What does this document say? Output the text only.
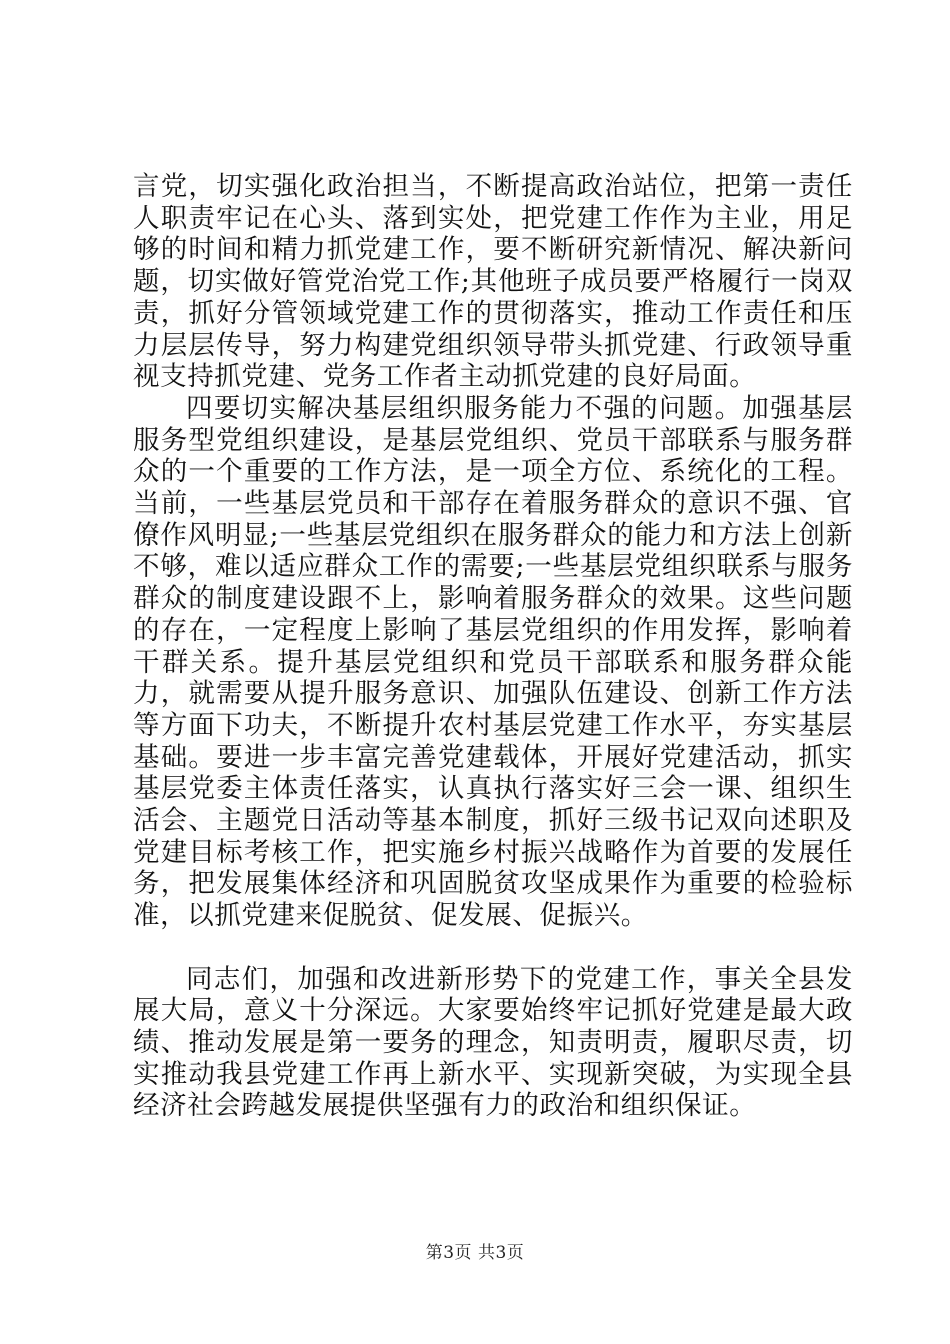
言党，切实强化政治担当，不断提高政治站位，把第一责任人职责牢记在心头、落到实处，把党建工作作为主业，用足够的时间和精力抓党建工作，要不断研究新情况、解决新问题，切实做好管党治党工作;其他班子成员要严格履行一岗双责，抓好分管领域党建工作的贯彻落实，推动工作责任和压力层层传导，努力构建党组织领导带头抓党建、行政领导重视支持抓党建、党务工作者主动抓党建的良好局面。

四要切实解决基层组织服务能力不强的问题。加强基层服务型党组织建设，是基层党组织、党员干部联系与服务群众的一个重要的工作方法，是一项全方位、系统化的工程。当前，一些基层党员和干部存在着服务群众的意识不强、官僚作风明显;一些基层党组织在服务群众的能力和方法上创新不够，难以适应群众工作的需要;一些基层党组织联系与服务群众的制度建设跟不上，影响着服务群众的效果。这些问题的存在，一定程度上影响了基层党组织的作用发挥，影响着干群关系。提升基层党组织和党员干部联系和服务群众能力，就需要从提升服务意识、加强队伍建设、创新工作方法等方面下功夫，不断提升农村基层党建工作水平，夯实基层基础。要进一步丰富完善党建载体，开展好党建活动，抓实基层党委主体责任落实，认真执行落实好三会一课、组织生活会、主题党日活动等基本制度，抓好三级书记双向述职及党建目标考核工作，把实施乡村振兴战略作为首要的发展任务，把发展集体经济和巩固脱贫攻坚成果作为重要的检验标准，以抓党建来促脱贫、促发展、促振兴。

同志们，加强和改进新形势下的党建工作，事关全县发展大局，意义十分深远。大家要始终牢记抓好党建是最大政绩、推动发展是第一要务的理念，知责明责，履职尽责，切实推动我县党建工作再上新水平、实现新突破，为实现全县经济社会跨越发展提供坚强有力的政治和组织保证。

第3页 共3页
